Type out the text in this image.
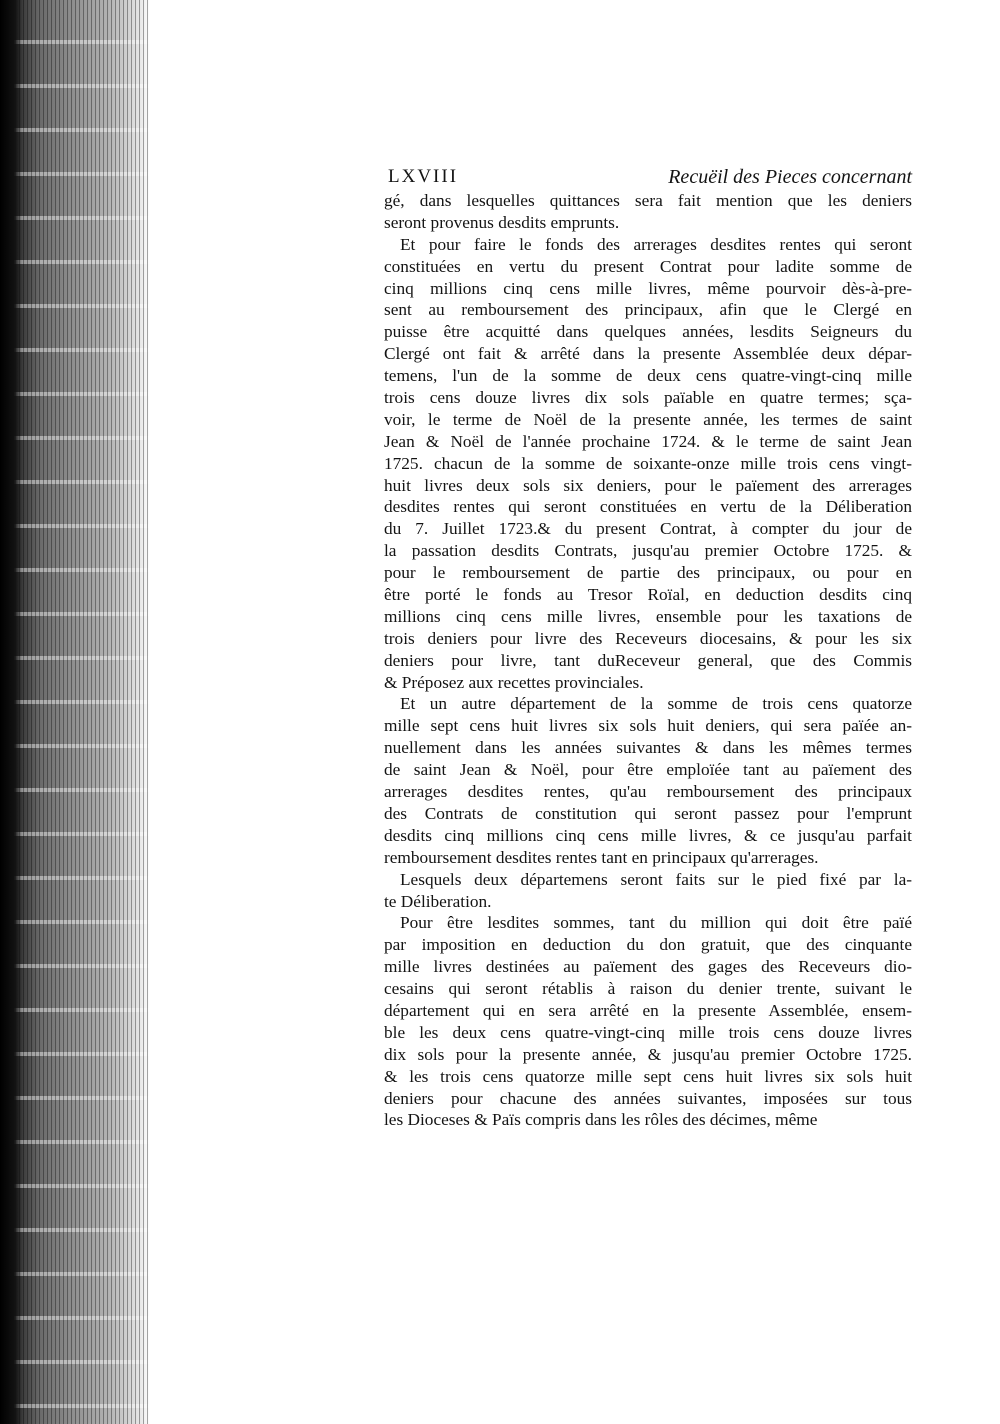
LXVIII	Recuëil des Pieces concernant
gé, dans lesquelles quittances sera fait mention que les deniers
seront provenus desdits emprunts.
Et pour faire le fonds des arrerages desdites rentes qui seront
constituées en vertu du present Contrat pour ladite somme de
cinq millions cinq cens mille livres, même pourvoir dès-à-pre-
sent au remboursement des principaux, afin que le Clergé en
puisse être acquitté dans quelques années, lesdits Seigneurs du
Clergé ont fait & arrêté dans la presente Assemblée deux dépar-
temens, l'un de la somme de deux cens quatre-vingt-cinq mille
trois cens douze livres dix sols païable en quatre termes; sça-
voir, le terme de Noël de la presente année, les termes de saint
Jean & Noël de l'année prochaine 1724. & le terme de saint Jean
1725. chacun de la somme de soixante-onze mille trois cens vingt-
huit livres deux sols six deniers, pour le païement des arrerages
desdites rentes qui seront constituées en vertu de la Déliberation
du 7. Juillet 1723.& du present Contrat, à compter du jour de
la passation desdits Contrats, jusqu'au premier Octobre 1725. &
pour le remboursement de partie des principaux, ou pour en
être porté le fonds au Tresor Roïal, en deduction desdits cinq
millions cinq cens mille livres, ensemble pour les taxations de
trois deniers pour livre des Receveurs diocesains, & pour les six
deniers pour livre, tant duReceveur general, que des Commis
& Préposez aux recettes provinciales.
Et un autre département de la somme de trois cens quatorze
mille sept cens huit livres six sols huit deniers, qui sera païée an-
nuellement dans les années suivantes & dans les mêmes termes
de saint Jean & Noël, pour être emploïée tant au païement des
arrerages desdites rentes, qu'au remboursement des principaux
des Contrats de constitution qui seront passez pour l'emprunt
desdits cinq millions cinq cens mille livres, & ce jusqu'au parfait
remboursement desdites rentes tant en principaux qu'arrerages.
Lesquels deux départemens seront faits sur le pied fixé par la-
te Déliberation.
Pour être lesdites sommes, tant du million qui doit être païé
par imposition en deduction du don gratuit, que des cinquante
mille livres destinées au païement des gages des Receveurs dio-
cesains qui seront rétablis à raison du denier trente, suivant le
département qui en sera arrêté en la presente Assemblée, ensem-
ble les deux cens quatre-vingt-cinq mille trois cens douze livres
dix sols pour la presente année, & jusqu'au premier Octobre 1725.
& les trois cens quatorze mille sept cens huit livres six sols huit
deniers pour chacune des années suivantes, imposées sur tous
les Dioceses & Païs compris dans les rôles des décimes, même
